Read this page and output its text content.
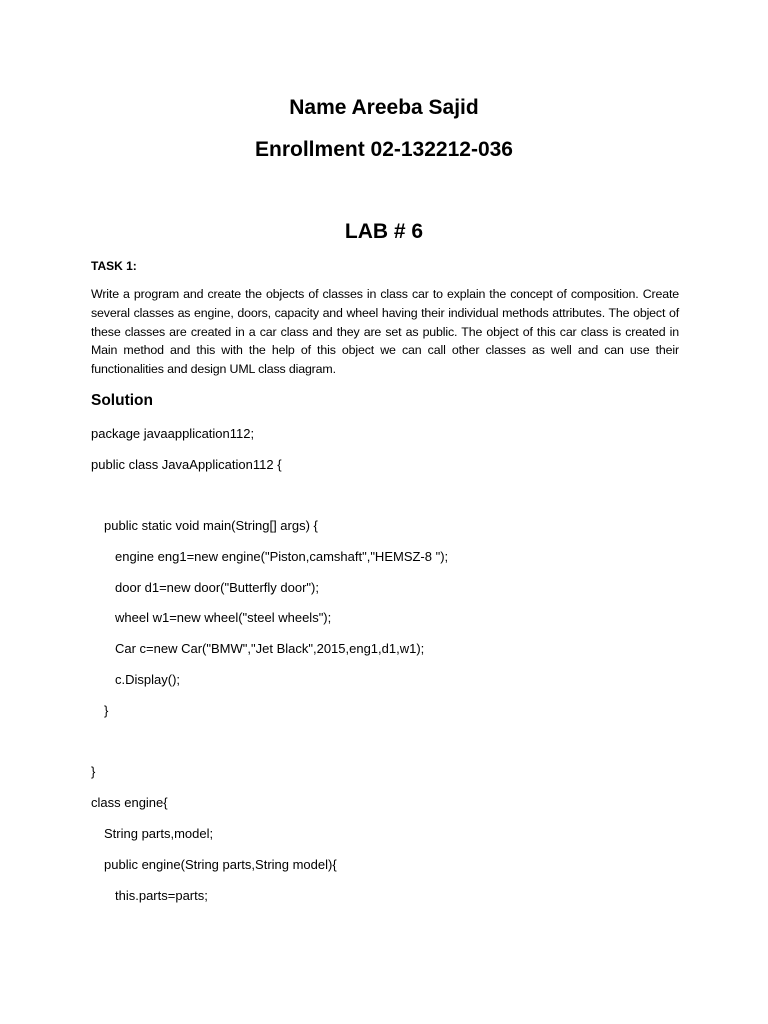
Name Areeba Sajid
Enrollment 02-132212-036
LAB # 6
TASK 1:
Write a program and create the objects of classes in class car to explain the concept of composition. Create several classes as engine, doors, capacity and wheel having their individual methods attributes. The object of these classes are created in a car class and they are set as public. The object of this car class is created in Main method and this with the help of this object we can call other classes as well and can use their functionalities and design UML class diagram.
Solution
package javaapplication112;
public class JavaApplication112 {
public static void main(String[] args) {
engine eng1=new engine("Piston,camshaft","HEMSZ-8 ");
door d1=new door("Butterfly door");
wheel w1=new wheel("steel wheels");
Car c=new Car("BMW","Jet Black",2015,eng1,d1,w1);
c.Display();
}
}
class engine{
String parts,model;
public engine(String parts,String model){
this.parts=parts;
